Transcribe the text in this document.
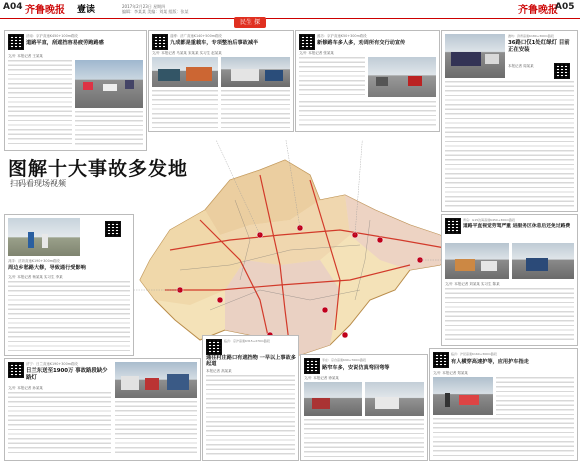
A04 齐鲁晚报 壹读	2017年2月23日 星期四
编辑：李某某 美编：刘某 组版：张某	齐鲁晚报
A05
民生 探
图解十大事故多发地
扫码看现场视频
济南：京沪高速K450+100m路段
道路平直，刮遮挡容易疲劳跑路感
文/片 本报记者 王某某
淄博：济广高速K140+500m路段
九成都是重载车，专项整治后事故减半
文/片 本报记者 马某某 宋某某 实习生 赵某某
潍坊：京沪高速K50+300m路段
新修路车多人多，劝周所有交行动宣传
文/片 本报记者 张某某
潍坊：济青高速K180+300m路段
36路口仅1处红绿灯 目前正在安装
本报记者 周某某
菏泽：济菏高速K190+300m路段
周边乡愁路大修，导致通行受影响
文/片 本报记者 杨某某 实习生 李某
青岛：G15沈海高速K450+300m路段
道路平直视觉劳驾严重 进服务区休息后还免过路费
文/片 本报记者 刘某某 实习生 陈某
济宁：日兰高速K190+300m路段
日兰东送至1900万 事故路段缺少路灯
文/片 本报记者 孙某某
临沂：京沪高速K315+270m路段
通往村庄路口有遮挡物 一早以上事故多起道
本报记者 高某某
枣庄：京台高速K90+700m路段
路窄车多，安说仿真弯回弯等
文/片 本报记者 徐某某
临沂：沪昆高速K160+300m路段
有人横穿高速护等，应用护车指走
文/片 本报记者 郑某某
